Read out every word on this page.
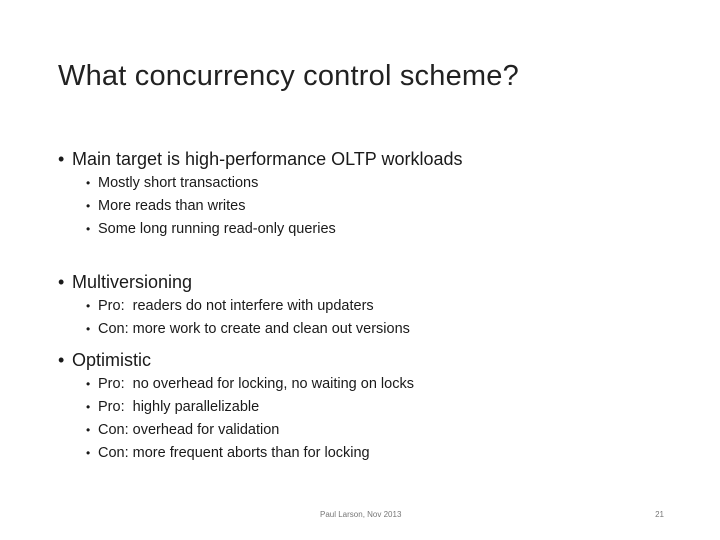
What concurrency control scheme?
• Main target is high-performance OLTP workloads
• Mostly short transactions
• More reads than writes
• Some long running read-only queries
• Multiversioning
• Pro:  readers do not interfere with updaters
• Con: more work to create and clean out versions
• Optimistic
• Pro:  no overhead for locking, no waiting on locks
• Pro:  highly parallelizable
• Con: overhead for validation
• Con: more frequent aborts than for locking
Paul Larson, Nov 2013	21
